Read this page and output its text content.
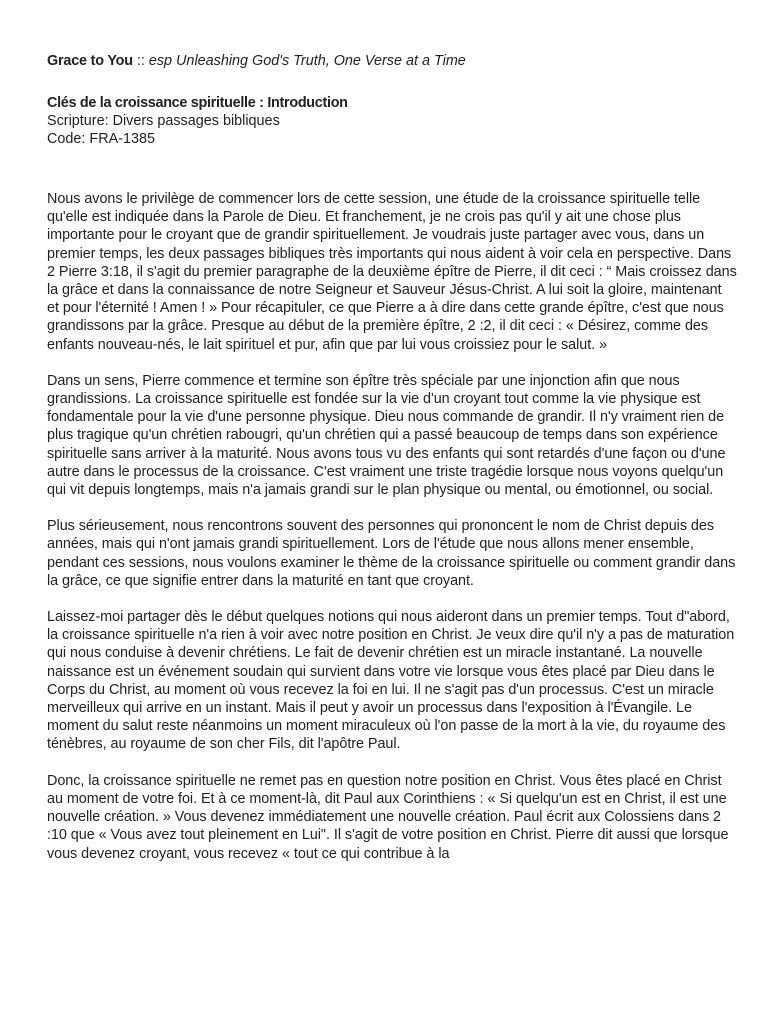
Grace to You :: esp Unleashing God's Truth, One Verse at a Time
Clés de la croissance spirituelle : Introduction
Scripture: Divers passages bibliques
Code: FRA-1385

Nous avons le privilège de commencer lors de cette session, une étude de la croissance spirituelle telle qu'elle est indiquée dans la Parole de Dieu. Et franchement, je ne crois pas qu'il y ait une chose plus importante pour le croyant que de grandir spirituellement. Je voudrais juste partager avec vous, dans un premier temps, les deux passages bibliques très importants qui nous aident à voir cela en perspective. Dans 2 Pierre 3:18, il s'agit du premier paragraphe de la deuxième épître de Pierre, il dit ceci : “ Mais croissez dans la grâce et dans la connaissance de notre Seigneur et Sauveur Jésus-Christ. A lui soit la gloire, maintenant et pour l'éternité ! Amen ! » Pour récapituler, ce que Pierre a à dire dans cette grande épître, c'est que nous grandissons par la grâce. Presque au début de la première épître, 2 :2, il dit ceci : « Désirez, comme des enfants nouveau-nés, le lait spirituel et pur, afin que par lui vous croissiez pour le salut. »

Dans un sens, Pierre commence et termine son épître très spéciale par une injonction afin que nous grandissions. La croissance spirituelle est fondée sur la vie d'un croyant tout comme la vie physique est fondamentale pour la vie d'une personne physique. Dieu nous commande de grandir. Il n'y vraiment rien de plus tragique qu'un chrétien rabougri, qu'un chrétien qui a passé beaucoup de temps dans son expérience spirituelle sans arriver à la maturité. Nous avons tous vu des enfants qui sont retardés d'une façon ou d'une autre dans le processus de la croissance. C'est vraiment une triste tragédie lorsque nous voyons quelqu'un qui vit depuis longtemps, mais n'a jamais grandi sur le plan physique ou mental, ou émotionnel, ou social.

Plus sérieusement, nous rencontrons souvent des personnes qui prononcent le nom de Christ depuis des années, mais qui n'ont jamais grandi spirituellement. Lors de l'étude que nous allons mener ensemble, pendant ces sessions, nous voulons examiner le thème de la croissance spirituelle ou comment grandir dans la grâce, ce que signifie entrer dans la maturité en tant que croyant.

Laissez-moi partager dès le début quelques notions qui nous aideront dans un premier temps. Tout d"abord, la croissance spirituelle n'a rien à voir avec notre position en Christ. Je veux dire qu'il n'y a pas de maturation qui nous conduise à devenir chrétiens. Le fait de devenir chrétien est un miracle instantané. La nouvelle naissance est un événement soudain qui survient dans votre vie lorsque vous êtes placé par Dieu dans le Corps du Christ, au moment où vous recevez la foi en lui. Il ne s'agit pas d'un processus. C'est un miracle merveilleux qui arrive en un instant. Mais il peut y avoir un processus dans l'exposition à l'Évangile. Le moment du salut reste néanmoins un moment miraculeux où l'on passe de la mort à la vie, du royaume des ténèbres, au royaume de son cher Fils, dit l'apôtre Paul.

Donc, la croissance spirituelle ne remet pas en question notre position en Christ. Vous êtes placé en Christ au moment de votre foi. Et à ce moment-là, dit Paul aux Corinthiens : « Si quelqu'un est en Christ, il est une nouvelle création. » Vous devenez immédiatement une nouvelle création. Paul écrit aux Colossiens dans 2 :10 que « Vous avez tout pleinement en Lui". Il s'agit de votre position en Christ. Pierre dit aussi que lorsque vous devenez croyant, vous recevez « tout ce qui contribue à la
